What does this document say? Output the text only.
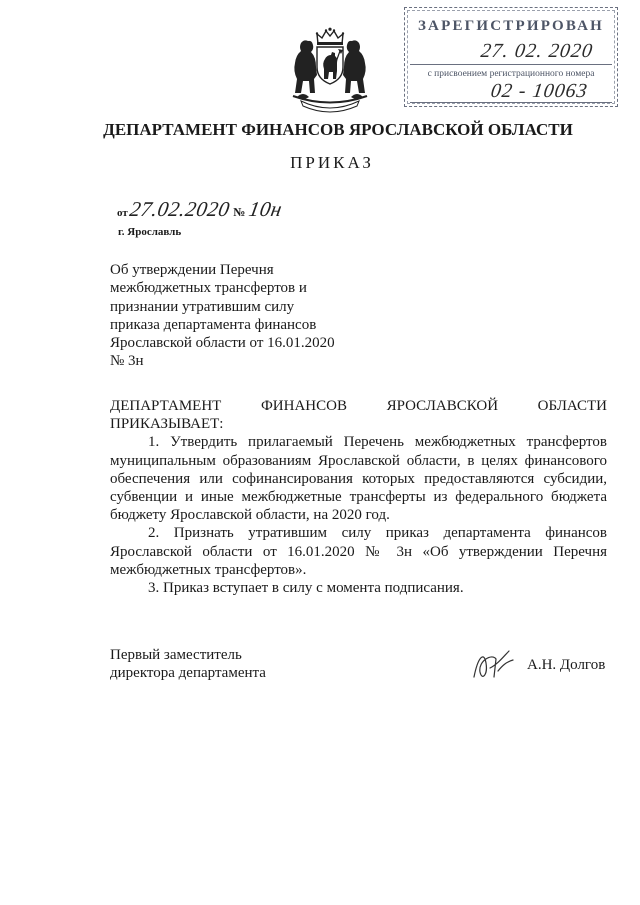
ЗАРЕГИСТРИРОВАН
27. 02. 2020
с присвоением регистрационного номера
02 - 10063
ДЕПАРТАМЕНТ ФИНАНСОВ ЯРОСЛАВСКОЙ ОБЛАСТИ
ПРИКАЗ
от 27.02.2020 № 10н
г. Ярославль
Об утверждении Перечня
межбюджетных трансфертов и
признании утратившим силу
приказа департамента финансов
Ярославской области от 16.01.2020
№ 3н
ДЕПАРТАМЕНТ ФИНАНСОВ ЯРОСЛАВСКОЙ ОБЛАСТИ
ПРИКАЗЫВАЕТ:
1. Утвердить прилагаемый Перечень межбюджетных трансфертов
муниципальным образованиям Ярославской области, в целях финансового
обеспечения или софинансирования которых предоставляются субсидии,
субвенции и иные межбюджетные трансферты из федерального бюджета
бюджету Ярославской области, на 2020 год.
2. Признать утратившим силу приказ департамента финансов
Ярославской области от 16.01.2020 № 3н «Об утверждении Перечня
межбюджетных трансфертов».
3. Приказ вступает в силу с момента подписания.
Первый заместитель
директора департамента	А.Н. Долгов
